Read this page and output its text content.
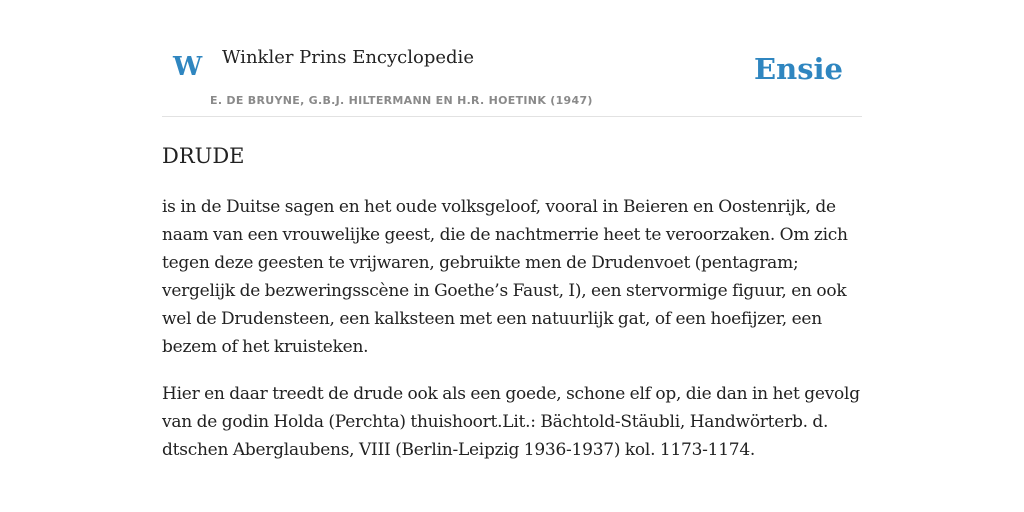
W Winkler Prins Encyclopedie
E. DE BRUYNE, G.B.J. HILTERMANN EN H.R. HOETINK (1947)
Ensie
DRUDE

is in de Duitse sagen en het oude volksgeloof, vooral in Beieren en Oostenrijk, de naam van een vrouwelijke geest, die de nachtmerrie heet te veroorzaken. Om zich tegen deze geesten te vrijwaren, gebruikte men de Drudenvoet (pentagram; vergelijk de bezweringsscène in Goethe’s Faust, I), een stervormige figuur, en ook wel de Drudensteen, een kalksteen met een natuurlijk gat, of een hoefijzer, een bezem of het kruisteken.

Hier en daar treedt de drude ook als een goede, schone elf op, die dan in het gevolg van de godin Holda (Perchta) thuishoort.Lit.: Bächtold-Stäubli, Handwörterb. d. dtschen Aberglaubens, VIII (Berlin-Leipzig 1936-1937) kol. 1173-1174.
